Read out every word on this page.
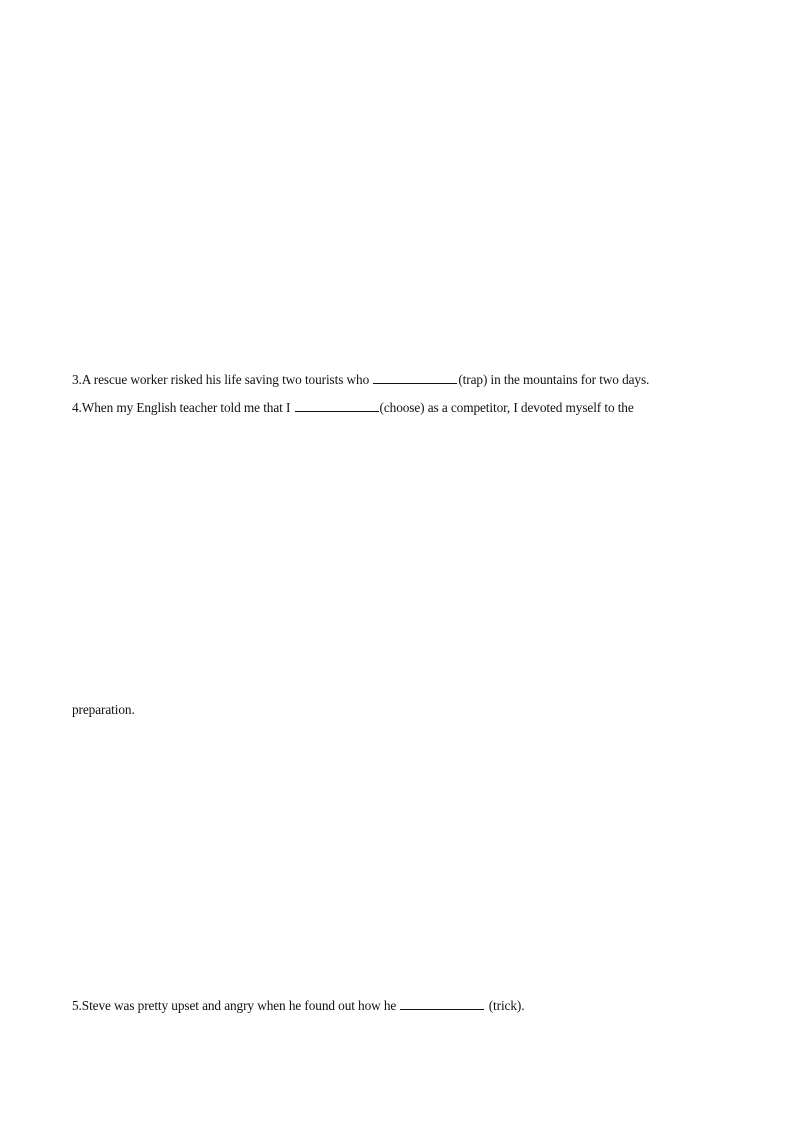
3.A rescue worker risked his life saving two tourists who	(trap) in the mountains for two days.
4.When my English teacher told me that I	(choose) as a competitor, I devoted myself to the
preparation.
5.Steve was pretty upset and angry when he found out how he	(trick).
